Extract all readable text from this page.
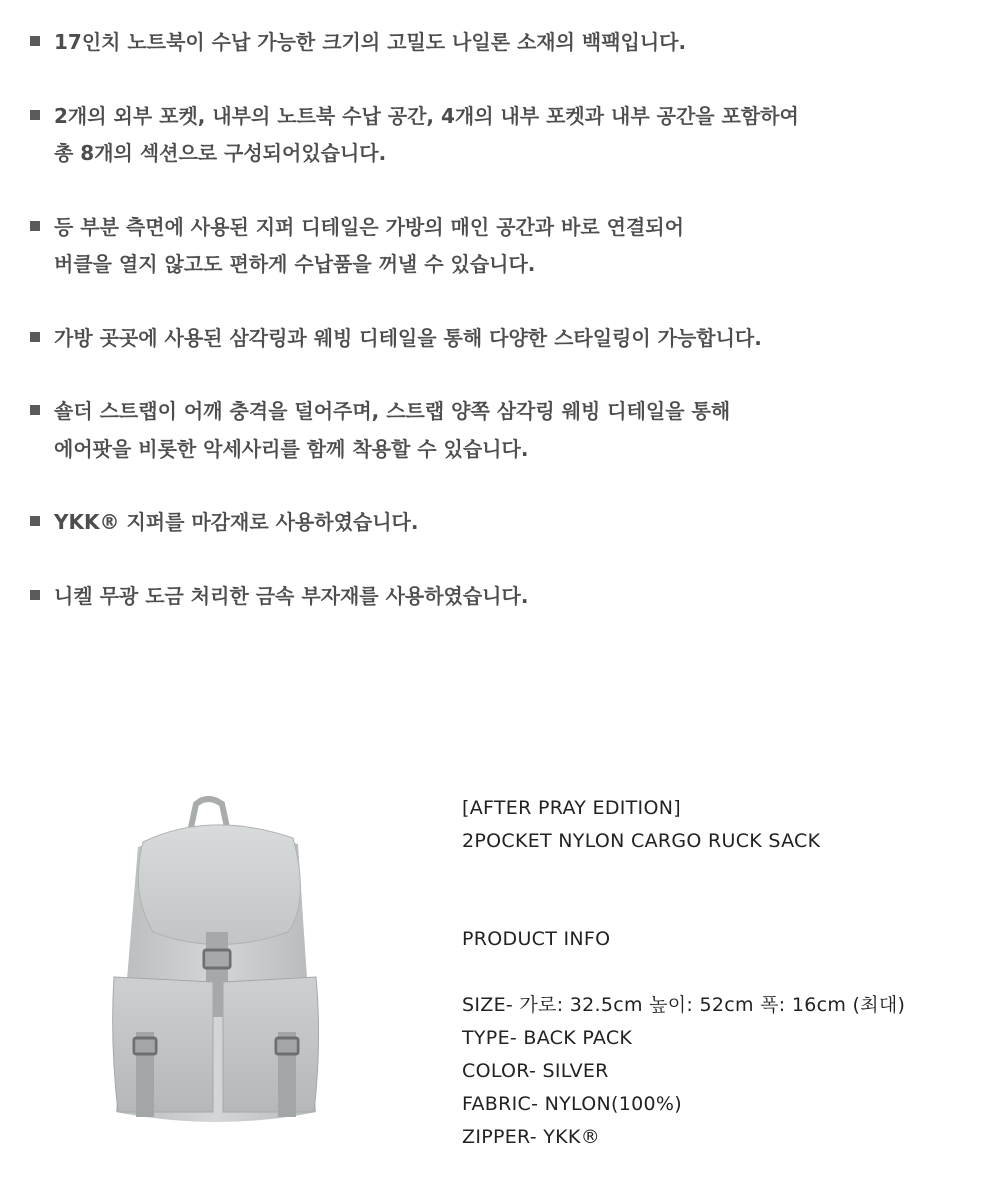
17인치 노트북이 수납 가능한 크기의 고밀도 나일론 소재의 백팩입니다.
2개의 외부 포켓, 내부의 노트북 수납 공간, 4개의 내부 포켓과 내부 공간을 포함하여
총 8개의 섹션으로 구성되어있습니다.
등 부분 측면에 사용된 지퍼 디테일은 가방의 매인 공간과 바로 연결되어
버클을 열지 않고도 편하게 수납품을 꺼낼 수 있습니다.
가방 곳곳에 사용된 삼각링과 웨빙 디테일을 통해 다양한 스타일링이 가능합니다.
숄더 스트랩이 어깨 충격을 덜어주며, 스트랩 양쪽 삼각링 웨빙 디테일을 통해
에어팟을 비롯한 악세사리를 함께 착용할 수 있습니다.
YKK® 지퍼를 마감재로 사용하였습니다.
니켈 무광 도금 처리한 금속 부자재를 사용하였습니다.
[AFTER PRAY EDITION]
2POCKET NYLON CARGO RUCK SACK
PRODUCT INFO
SIZE- 가로: 32.5cm 높이: 52cm 폭: 16cm (최대)
TYPE- BACK PACK
COLOR- SILVER
FABRIC- NYLON(100%)
ZIPPER- YKK®
